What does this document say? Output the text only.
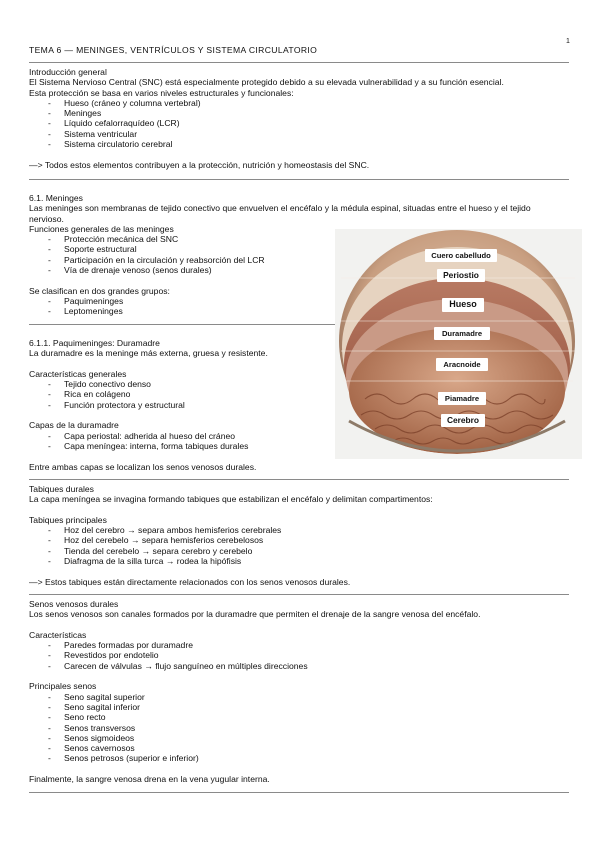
1
TEMA 6 — MENINGES, VENTRÍCULOS Y SISTEMA CIRCULATORIO

Introducción general

El Sistema Nervioso Central (SNC) está especialmente protegido debido a su elevada vulnerabilidad y a su función esencial.

Esta protección se basa en varios niveles estructurales y funcionales:

- Hueso (cráneo y columna vertebral)
- Meninges
- Líquido cefalorraquídeo (LCR)
- Sistema ventricular
- Sistema circulatorio cerebral

—> Todos estos elementos contribuyen a la protección, nutrición y homeostasis del SNC.

6.1. Meninges

Las meninges son membranas de tejido conectivo que envuelven el encéfalo y la médula espinal, situadas entre el hueso y el tejido

nervioso.

Funciones generales de las meninges

- Protección mecánica del SNC
- Soporte estructural
- Participación en la circulación y reabsorción del LCR
- Vía de drenaje venoso (senos durales)

Se clasifican en dos grandes grupos:

- Paquimeninges
- Leptomeninges

6.1.1. Paquimeninges: Duramadre

La duramadre es la meninge más externa, gruesa y resistente.

Características generales

- Tejido conectivo denso
- Rica en colágeno
- Función protectora y estructural

Capas de la duramadre

- Capa periostal: adherida al hueso del cráneo
- Capa meníngea: interna, forma tabiques durales

Entre ambas capas se localizan los senos venosos durales.

Cuero cabelludo
Periostio
Hueso
Duramadre
Aracnoide
Piamadre
Cerebro

Tabiques durales

La capa meníngea se invagina formando tabiques que estabilizan el encéfalo y delimitan compartimentos:

Tabiques principales

- Hoz del cerebro → separa ambos hemisferios cerebrales
- Hoz del cerebelo → separa hemisferios cerebelosos
- Tienda del cerebelo → separa cerebro y cerebelo
- Diafragma de la silla turca → rodea la hipófisis

—> Estos tabiques están directamente relacionados con los senos venosos durales.

Senos venosos durales

Los senos venosos son canales formados por la duramadre que permiten el drenaje de la sangre venosa del encéfalo.

Características

- Paredes formadas por duramadre
- Revestidos por endotelio
- Carecen de válvulas → flujo sanguíneo en múltiples direcciones

Principales senos

- Seno sagital superior
- Seno sagital inferior
- Seno recto
- Senos transversos
- Senos sigmoideos
- Senos cavernosos
- Senos petrosos (superior e inferior)

Finalmente, la sangre venosa drena en la vena yugular interna.
